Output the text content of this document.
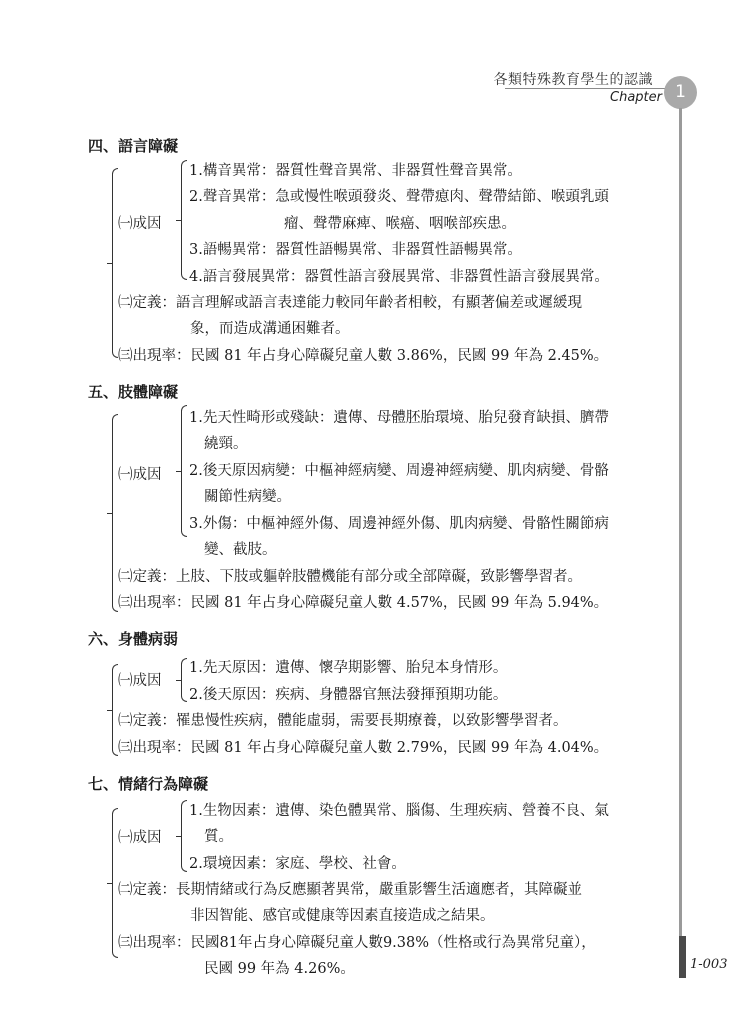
各類特殊教育學生的認識
Chapter 1
1-003
四、語言障礙
㈠成因
1.構音異常：器質性聲音異常、非器質性聲音異常。
2.聲音異常：急或慢性喉頭發炎、聲帶瘜肉、聲帶結節、喉頭乳頭
瘤、聲帶麻痺、喉癌、咽喉部疾患。
3.語暢異常：器質性語暢異常、非器質性語暢異常。
4.語言發展異常：器質性語言發展異常、非器質性語言發展異常。
㈡定義：語言理解或語言表達能力較同年齡者相較，有顯著偏差或遲緩現
象，而造成溝通困難者。
㈢出現率：民國 81 年占身心障礙兒童人數 3.86%，民國 99 年為 2.45%。
五、肢體障礙
㈠成因
1.先天性畸形或殘缺：遺傳、母體胚胎環境、胎兒發育缺損、臍帶
繞頸。
2.後天原因病變：中樞神經病變、周邊神經病變、肌肉病變、骨骼
關節性病變。
3.外傷：中樞神經外傷、周邊神經外傷、肌肉病變、骨骼性關節病
變、截肢。
㈡定義：上肢、下肢或軀幹肢體機能有部分或全部障礙，致影響學習者。
㈢出現率：民國 81 年占身心障礙兒童人數 4.57%，民國 99 年為 5.94%。
六、身體病弱
㈠成因
1.先天原因：遺傳、懷孕期影響、胎兒本身情形。
2.後天原因：疾病、身體器官無法發揮預期功能。
㈡定義：罹患慢性疾病，體能虛弱，需要長期療養，以致影響學習者。
㈢出現率：民國 81 年占身心障礙兒童人數 2.79%，民國 99 年為 4.04%。
七、情緒行為障礙
㈠成因
1.生物因素：遺傳、染色體異常、腦傷、生理疾病、營養不良、氣
質。
2.環境因素：家庭、學校、社會。
㈡定義：長期情緒或行為反應顯著異常，嚴重影響生活適應者，其障礙並
非因智能、感官或健康等因素直接造成之結果。
㈢出現率：民國81年占身心障礙兒童人數9.38%（性格或行為異常兒童），
民國 99 年為 4.26%。
